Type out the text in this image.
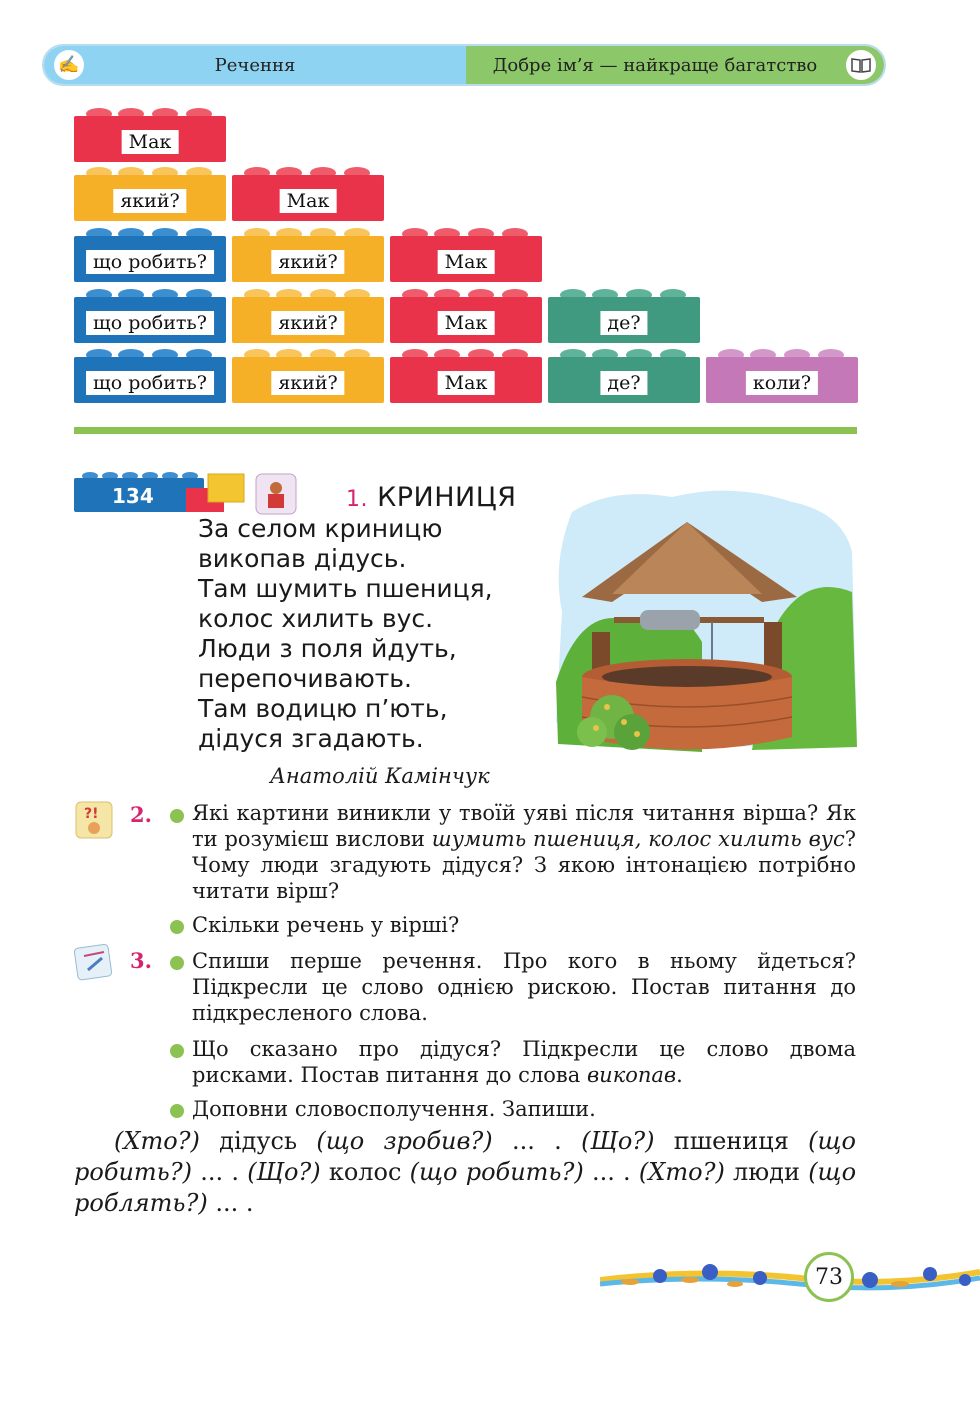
✍	Речення	Добре ім’я — найкраще багатство
Мак
який?	Мак
що робить?	який?	Мак
що робить?	який?	Мак	де?
що робить?	який?	Мак	де?	коли?
134	1. КРИНИЦЯ
За селом криницю
викопав дідусь.
Там шумить пшениця,
колос хилить вус.
Люди з поля йдуть,
перепочивають.
Там водицю п’ють,
дідуся згадають.
Анатолій Камінчук
?! 2. Які картини виникли у твоїй уяві після читання вірша? Як ти розумієш вислови шумить пшениця, колос хилить вус? Чому люди згадують дідуся? З якою інтонацією потрібно читати вірш?
Скільки речень у вірші?
3. Спиши перше речення. Про кого в ньому йдеться? Підкресли це слово однією рискою. Постав питання до підкресленого слова.
Що сказано про дідуся? Підкресли це слово двома рисками. Постав питання до слова викопав.
Доповни словосполучення. Запиши.
(Хто?) дідусь (що зробив?) ... . (Що?) пшениця (що робить?) ... . (Що?) колос (що робить?) ... . (Хто?) люди (що роблять?) ... .
73
